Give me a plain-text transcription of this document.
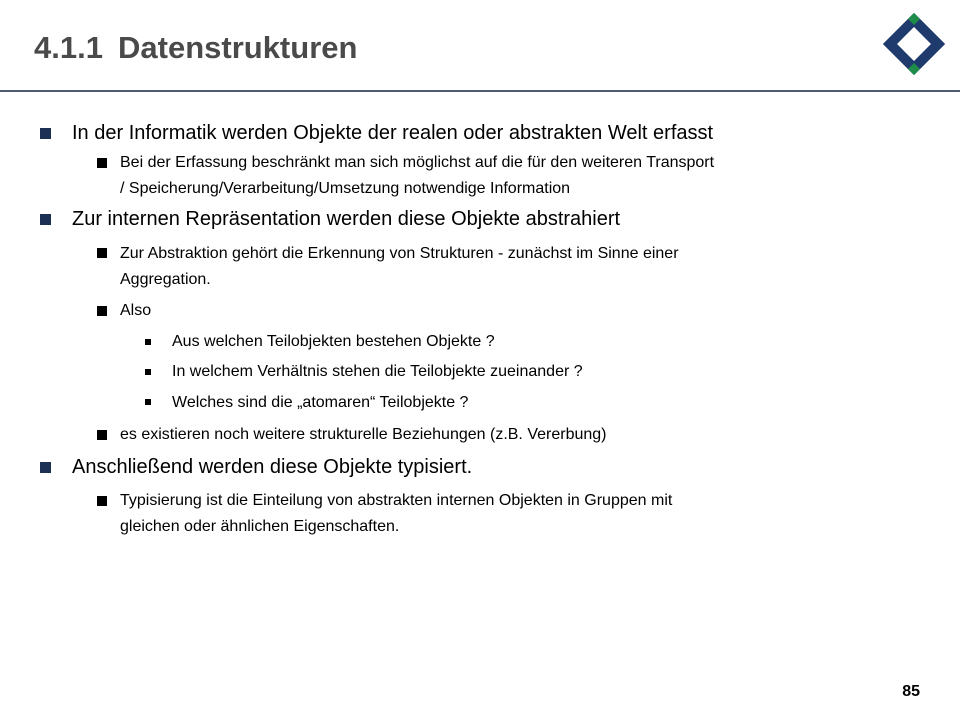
4.1.1 Datenstrukturen
In der Informatik werden Objekte der realen oder abstrakten Welt erfasst
Bei der Erfassung beschränkt man sich möglichst auf die für den weiteren Transport
/ Speicherung/Verarbeitung/Umsetzung notwendige Information
Zur internen Repräsentation werden diese Objekte abstrahiert
Zur Abstraktion gehört die Erkennung von Strukturen - zunächst im Sinne einer
Aggregation.
Also
Aus welchen Teilobjekten bestehen Objekte ?
In welchem Verhältnis stehen die Teilobjekte zueinander ?
Welches sind die „atomaren“ Teilobjekte ?
es existieren noch weitere strukturelle Beziehungen (z.B. Vererbung)
Anschließend werden diese Objekte typisiert.
Typisierung ist die Einteilung von abstrakten internen Objekten in Gruppen mit
gleichen oder ähnlichen Eigenschaften.
85
